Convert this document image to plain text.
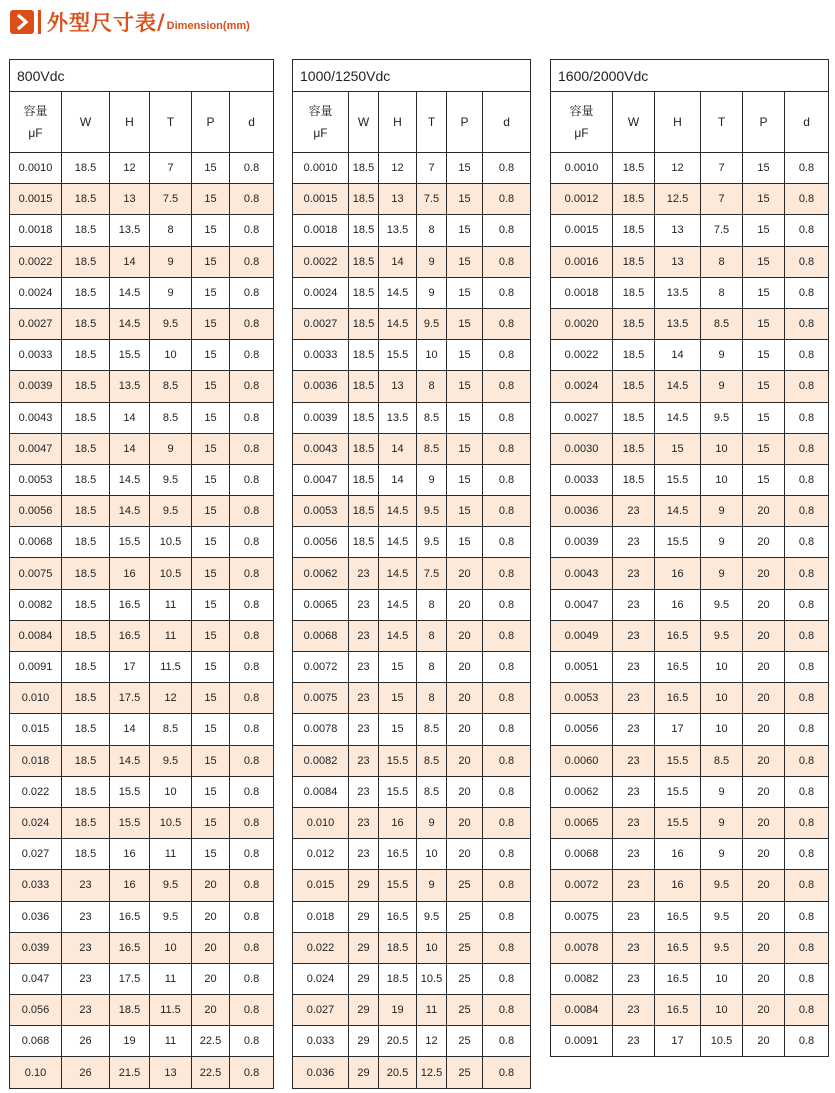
外型尺寸表 / Dimension(mm)
800Vdc					

容量
μF	W	H	T	P	d
0.0010	18.5	12	7	15	0.8
0.0015	18.5	13	7.5	15	0.8
0.0018	18.5	13.5	8	15	0.8
0.0022	18.5	14	9	15	0.8
0.0024	18.5	14.5	9	15	0.8
0.0027	18.5	14.5	9.5	15	0.8
0.0033	18.5	15.5	10	15	0.8
0.0039	18.5	13.5	8.5	15	0.8
0.0043	18.5	14	8.5	15	0.8
0.0047	18.5	14	9	15	0.8
0.0053	18.5	14.5	9.5	15	0.8
0.0056	18.5	14.5	9.5	15	0.8
0.0068	18.5	15.5	10.5	15	0.8
0.0075	18.5	16	10.5	15	0.8
0.0082	18.5	16.5	11	15	0.8
0.0084	18.5	16.5	11	15	0.8
0.0091	18.5	17	11.5	15	0.8
0.010	18.5	17.5	12	15	0.8
0.015	18.5	14	8.5	15	0.8
0.018	18.5	14.5	9.5	15	0.8
0.022	18.5	15.5	10	15	0.8
0.024	18.5	15.5	10.5	15	0.8
0.027	18.5	16	11	15	0.8
0.033	23	16	9.5	20	0.8
0.036	23	16.5	9.5	20	0.8
0.039	23	16.5	10	20	0.8
0.047	23	17.5	11	20	0.8
0.056	23	18.5	11.5	20	0.8
0.068	26	19	11	22.5	0.8
0.10	26	21.5	13	22.5	0.8
1000/1250Vdc					

容量
μF	W	H	T	P	d
0.0010	18.5	12	7	15	0.8
0.0015	18.5	13	7.5	15	0.8
0.0018	18.5	13.5	8	15	0.8
0.0022	18.5	14	9	15	0.8
0.0024	18.5	14.5	9	15	0.8
0.0027	18.5	14.5	9.5	15	0.8
0.0033	18.5	15.5	10	15	0.8
0.0036	18.5	13	8	15	0.8
0.0039	18.5	13.5	8.5	15	0.8
0.0043	18.5	14	8.5	15	0.8
0.0047	18.5	14	9	15	0.8
0.0053	18.5	14.5	9.5	15	0.8
0.0056	18.5	14.5	9.5	15	0.8
0.0062	23	14.5	7.5	20	0.8
0.0065	23	14.5	8	20	0.8
0.0068	23	14.5	8	20	0.8
0.0072	23	15	8	20	0.8
0.0075	23	15	8	20	0.8
0.0078	23	15	8.5	20	0.8
0.0082	23	15.5	8.5	20	0.8
0.0084	23	15.5	8.5	20	0.8
0.010	23	16	9	20	0.8
0.012	23	16.5	10	20	0.8
0.015	29	15.5	9	25	0.8
0.018	29	16.5	9.5	25	0.8
0.022	29	18.5	10	25	0.8
0.024	29	18.5	10.5	25	0.8
0.027	29	19	11	25	0.8
0.033	29	20.5	12	25	0.8
0.036	29	20.5	12.5	25	0.8
1600/2000Vdc					

容量
μF	W	H	T	P	d
0.0010	18.5	12	7	15	0.8
0.0012	18.5	12.5	7	15	0.8
0.0015	18.5	13	7.5	15	0.8
0.0016	18.5	13	8	15	0.8
0.0018	18.5	13.5	8	15	0.8
0.0020	18.5	13.5	8.5	15	0.8
0.0022	18.5	14	9	15	0.8
0.0024	18.5	14.5	9	15	0.8
0.0027	18.5	14.5	9.5	15	0.8
0.0030	18.5	15	10	15	0.8
0.0033	18.5	15.5	10	15	0.8
0.0036	23	14.5	9	20	0.8
0.0039	23	15.5	9	20	0.8
0.0043	23	16	9	20	0.8
0.0047	23	16	9.5	20	0.8
0.0049	23	16.5	9.5	20	0.8
0.0051	23	16.5	10	20	0.8
0.0053	23	16.5	10	20	0.8
0.0056	23	17	10	20	0.8
0.0060	23	15.5	8.5	20	0.8
0.0062	23	15.5	9	20	0.8
0.0065	23	15.5	9	20	0.8
0.0068	23	16	9	20	0.8
0.0072	23	16	9.5	20	0.8
0.0075	23	16.5	9.5	20	0.8
0.0078	23	16.5	9.5	20	0.8
0.0082	23	16.5	10	20	0.8
0.0084	23	16.5	10	20	0.8
0.0091	23	17	10.5	20	0.8
